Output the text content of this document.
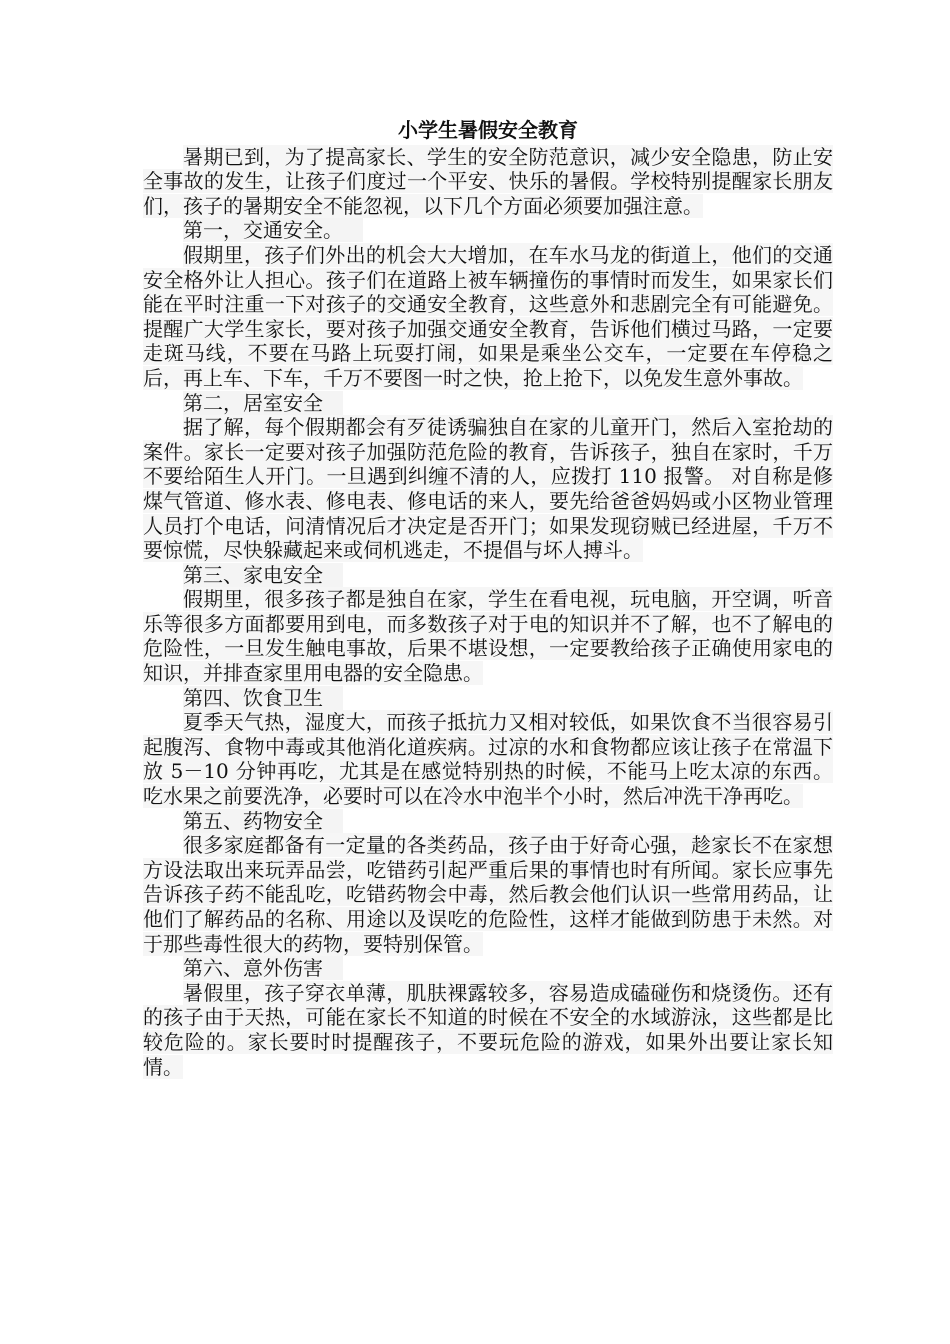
小学生暑假安全教育

暑期已到，为了提高家长、学生的安全防范意识，减少安全隐患，防止安全事故的发生，让孩子们度过一个平安、快乐的暑假。学校特别提醒家长朋友们，孩子的暑期安全不能忽视，以下几个方面必须要加强注意。

第一，交通安全。

假期里，孩子们外出的机会大大增加，在车水马龙的街道上，他们的交通安全格外让人担心。孩子们在道路上被车辆撞伤的事情时而发生，如果家长们能在平时注重一下对孩子的交通安全教育，这些意外和悲剧完全有可能避免。提醒广大学生家长，要对孩子加强交通安全教育，告诉他们横过马路，一定要走斑马线，不要在马路上玩耍打闹，如果是乘坐公交车，一定要在车停稳之后，再上车、下车，千万不要图一时之快，抢上抢下，以免发生意外事故。

第二，居室安全

据了解，每个假期都会有歹徒诱骗独自在家的儿童开门，然后入室抢劫的案件。家长一定要对孩子加强防范危险的教育，告诉孩子，独自在家时，千万不要给陌生人开门。一旦遇到纠缠不清的人，应拨打 110 报警。 对自称是修煤气管道、修水表、修电表、修电话的来人，要先给爸爸妈妈或小区物业管理人员打个电话，问清情况后才决定是否开门；如果发现窃贼已经进屋，千万不要惊慌，尽快躲藏起来或伺机逃走，不提倡与坏人搏斗。

第三、家电安全

假期里，很多孩子都是独自在家，学生在看电视，玩电脑，开空调，听音乐等很多方面都要用到电，而多数孩子对于电的知识并不了解，也不了解电的危险性，一旦发生触电事故，后果不堪设想，一定要教给孩子正确使用家电的知识，并排查家里用电器的安全隐患。

第四、饮食卫生

夏季天气热，湿度大，而孩子抵抗力又相对较低，如果饮食不当很容易引起腹泻、食物中毒或其他消化道疾病。过凉的水和食物都应该让孩子在常温下放 5－10 分钟再吃，尤其是在感觉特别热的时候，不能马上吃太凉的东西。吃水果之前要洗净，必要时可以在冷水中泡半个小时，然后冲洗干净再吃。

第五、药物安全

很多家庭都备有一定量的各类药品，孩子由于好奇心强，趁家长不在家想方设法取出来玩弄品尝，吃错药引起严重后果的事情也时有所闻。家长应事先告诉孩子药不能乱吃，吃错药物会中毒，然后教会他们认识一些常用药品，让他们了解药品的名称、用途以及误吃的危险性，这样才能做到防患于未然。对于那些毒性很大的药物，要特别保管。

第六、意外伤害

暑假里，孩子穿衣单薄，肌肤裸露较多，容易造成磕碰伤和烧烫伤。还有的孩子由于天热，可能在家长不知道的时候在不安全的水域游泳，这些都是比较危险的。家长要时时提醒孩子，不要玩危险的游戏，如果外出要让家长知情。
